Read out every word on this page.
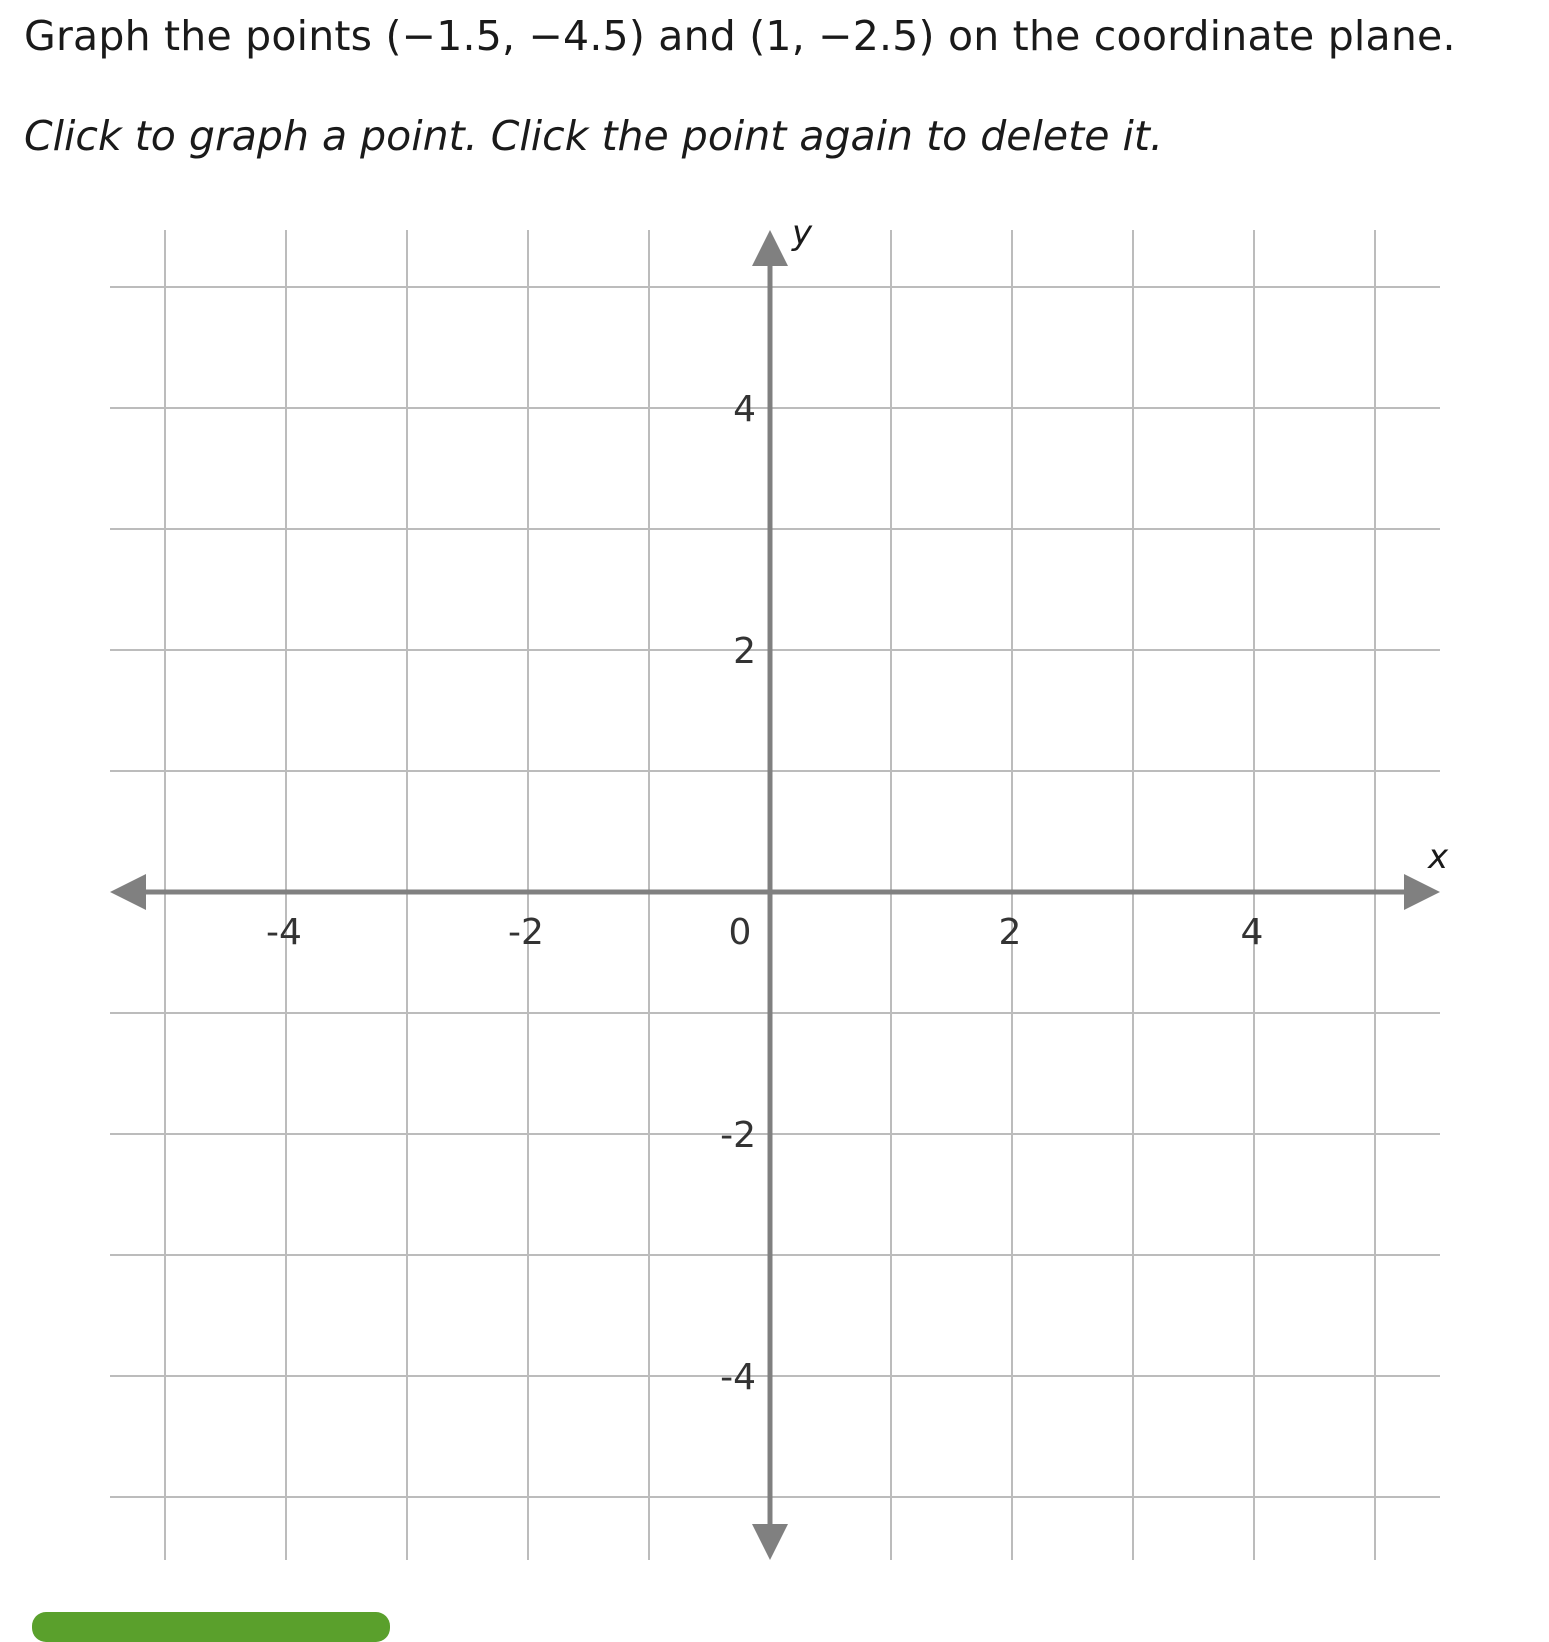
Graph the points (−1.5, −4.5) and (1, −2.5) on the coordinate plane.

Click to graph a point. Click the point again to delete it.

-4	-2	0	2	4
4
2
-2
-4
x
y
